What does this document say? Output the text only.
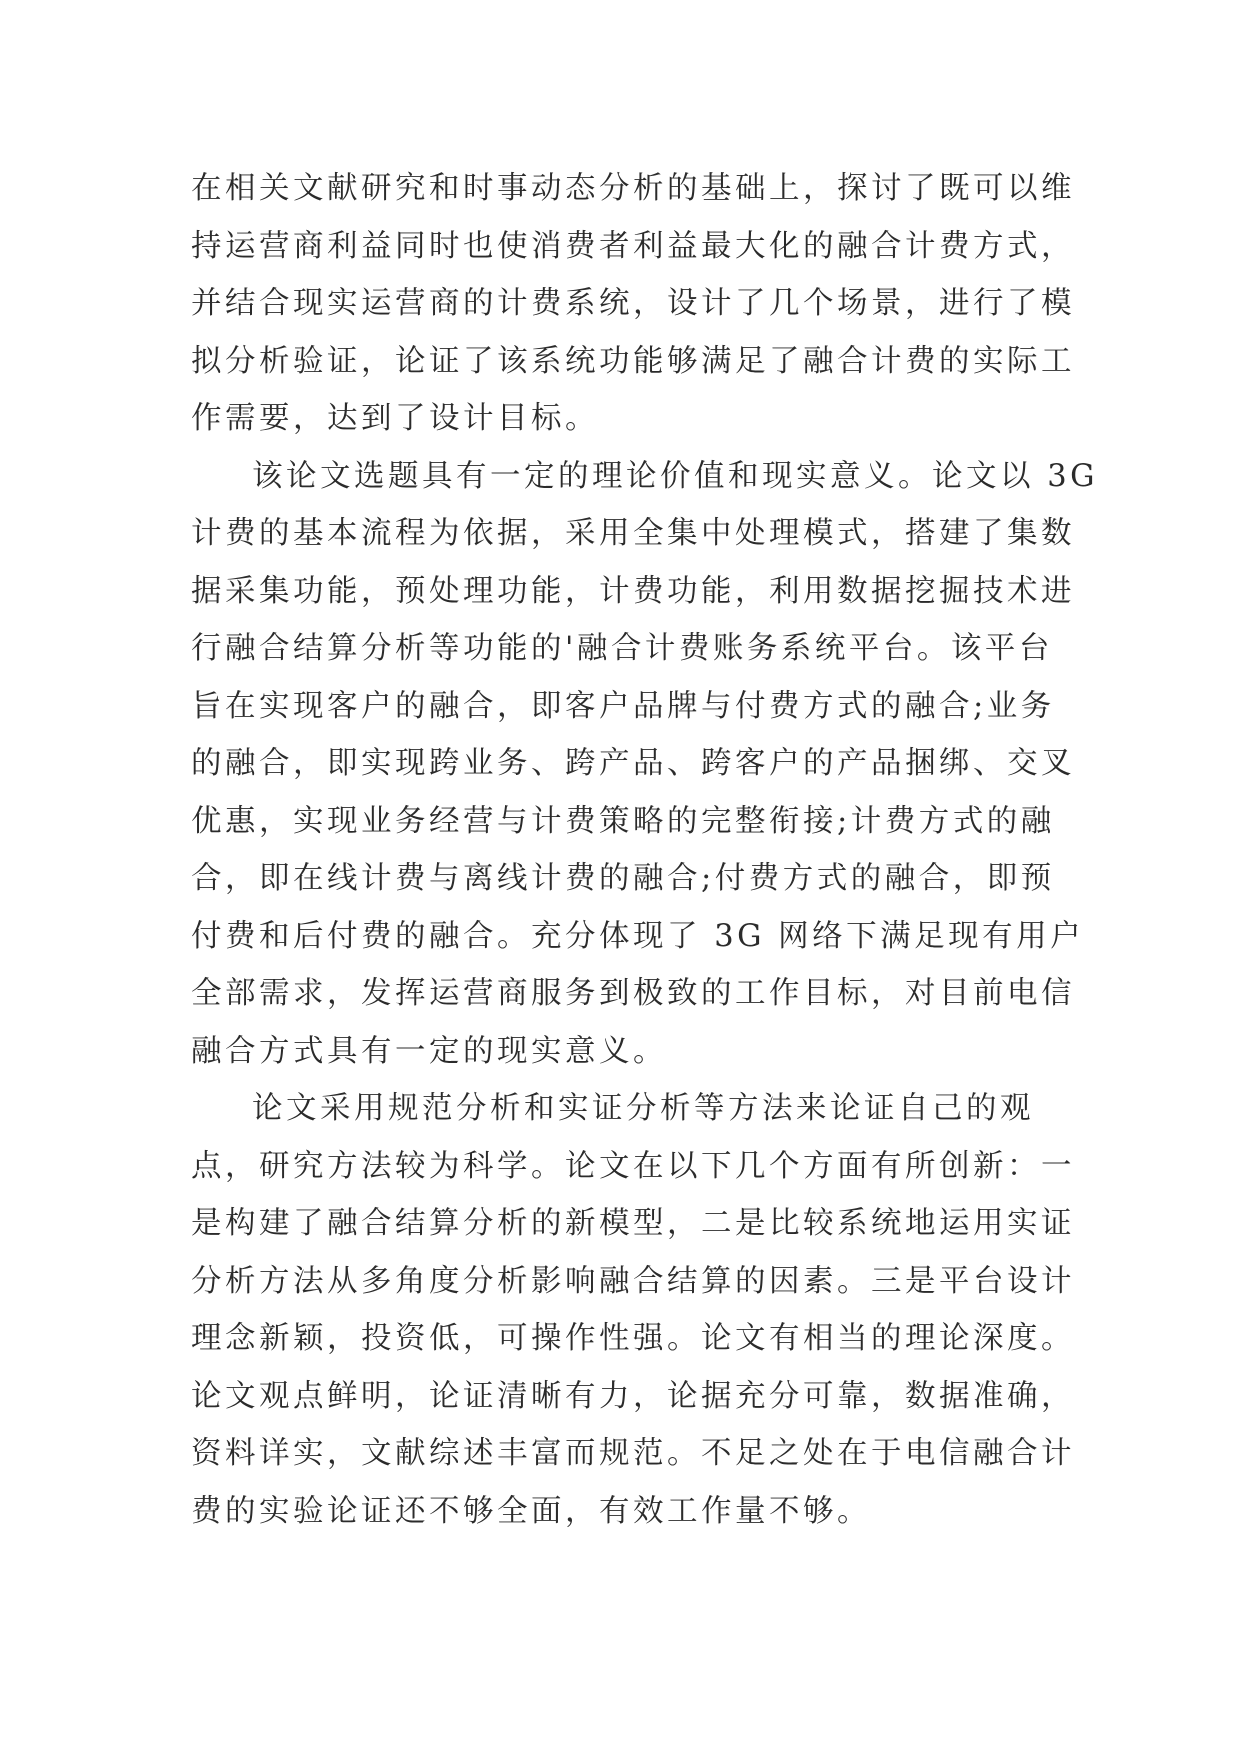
在相关文献研究和时事动态分析的基础上，探讨了既可以维
持运营商利益同时也使消费者利益最大化的融合计费方式，
并结合现实运营商的计费系统，设计了几个场景，进行了模
拟分析验证，论证了该系统功能够满足了融合计费的实际工
作需要，达到了设计目标。
该论文选题具有一定的理论价值和现实意义。论文以 3G
计费的基本流程为依据，采用全集中处理模式，搭建了集数
据采集功能，预处理功能，计费功能，利用数据挖掘技术进
行融合结算分析等功能的'融合计费账务系统平台。该平台
旨在实现客户的融合，即客户品牌与付费方式的融合;业务
的融合，即实现跨业务、跨产品、跨客户的产品捆绑、交叉
优惠，实现业务经营与计费策略的完整衔接;计费方式的融
合，即在线计费与离线计费的融合;付费方式的融合，即预
付费和后付费的融合。充分体现了 3G 网络下满足现有用户
全部需求，发挥运营商服务到极致的工作目标，对目前电信
融合方式具有一定的现实意义。
论文采用规范分析和实证分析等方法来论证自己的观
点，研究方法较为科学。论文在以下几个方面有所创新：一
是构建了融合结算分析的新模型，二是比较系统地运用实证
分析方法从多角度分析影响融合结算的因素。三是平台设计
理念新颖，投资低，可操作性强。论文有相当的理论深度。
论文观点鲜明，论证清晰有力，论据充分可靠，数据准确，
资料详实，文献综述丰富而规范。不足之处在于电信融合计
费的实验论证还不够全面，有效工作量不够。
